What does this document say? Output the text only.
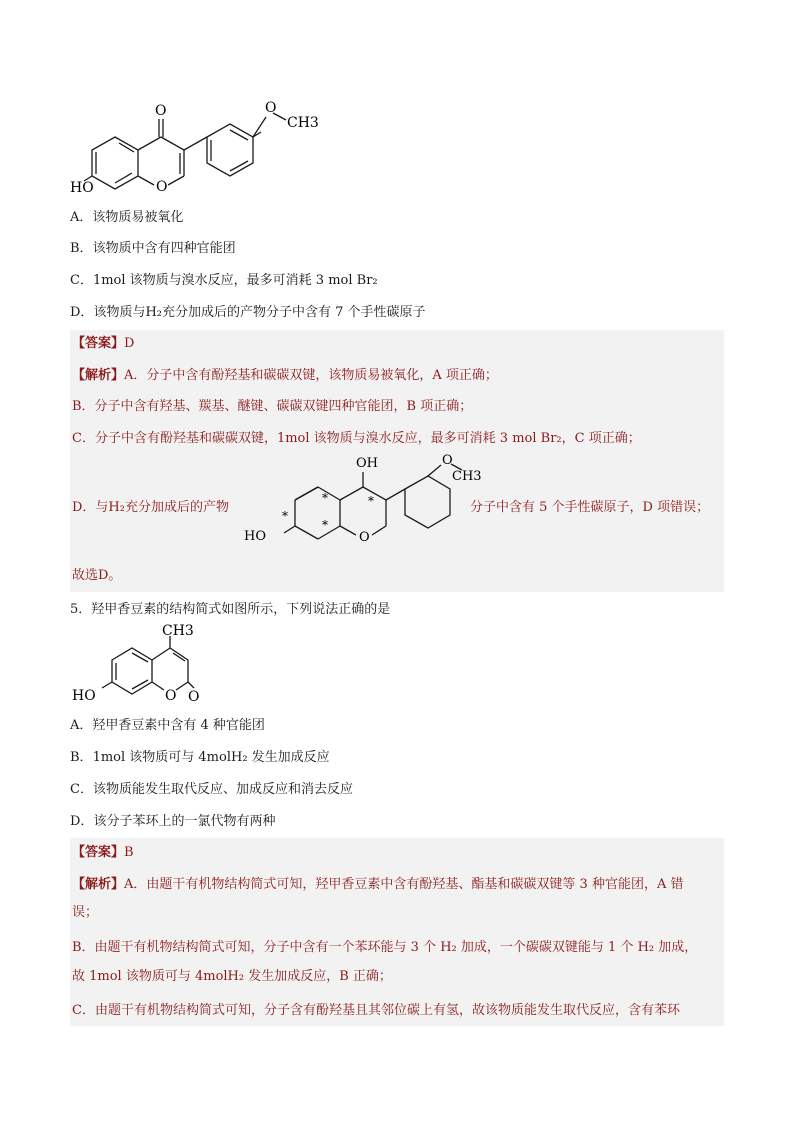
O	O
CH3
HO	O
A．该物质易被氧化
B．该物质中含有四种官能团
C．1mol 该物质与溴水反应，最多可消耗 3 mol Br₂
D．该物质与H₂充分加成后的产物分子中含有 7 个手性碳原子
【答案】D
【解析】A．分子中含有酚羟基和碳碳双键，该物质易被氧化，A 项正确；
B．分子中含有羟基、羰基、醚键、碳碳双键四种官能团，B 项正确；
C．分子中含有酚羟基和碳碳双键，1mol 该物质与溴水反应，最多可消耗 3 mol Br₂，C 项正确；
D．与H₂充分加成后的产物	分子中含有 5 个手性碳原子，D 项错误；
故选D。
OH	O
CH3
HO	O
*	*
*
*
5．羟甲香豆素的结构简式如图所示，下列说法正确的是
CH3
HO	O O
A．羟甲香豆素中含有 4 种官能团
B．1mol 该物质可与 4molH₂ 发生加成反应
C．该物质能发生取代反应、加成反应和消去反应
D．该分子苯环上的一氯代物有两种
【答案】B
【解析】A．由题干有机物结构简式可知，羟甲香豆素中含有酚羟基、酯基和碳碳双键等 3 种官能团，A 错
误；
B．由题干有机物结构简式可知，分子中含有一个苯环能与 3 个 H₂ 加成，一个碳碳双键能与 1 个 H₂ 加成，
故 1mol 该物质可与 4molH₂ 发生加成反应，B 正确；
C．由题干有机物结构简式可知，分子含有酚羟基且其邻位碳上有氢，故该物质能发生取代反应，含有苯环
